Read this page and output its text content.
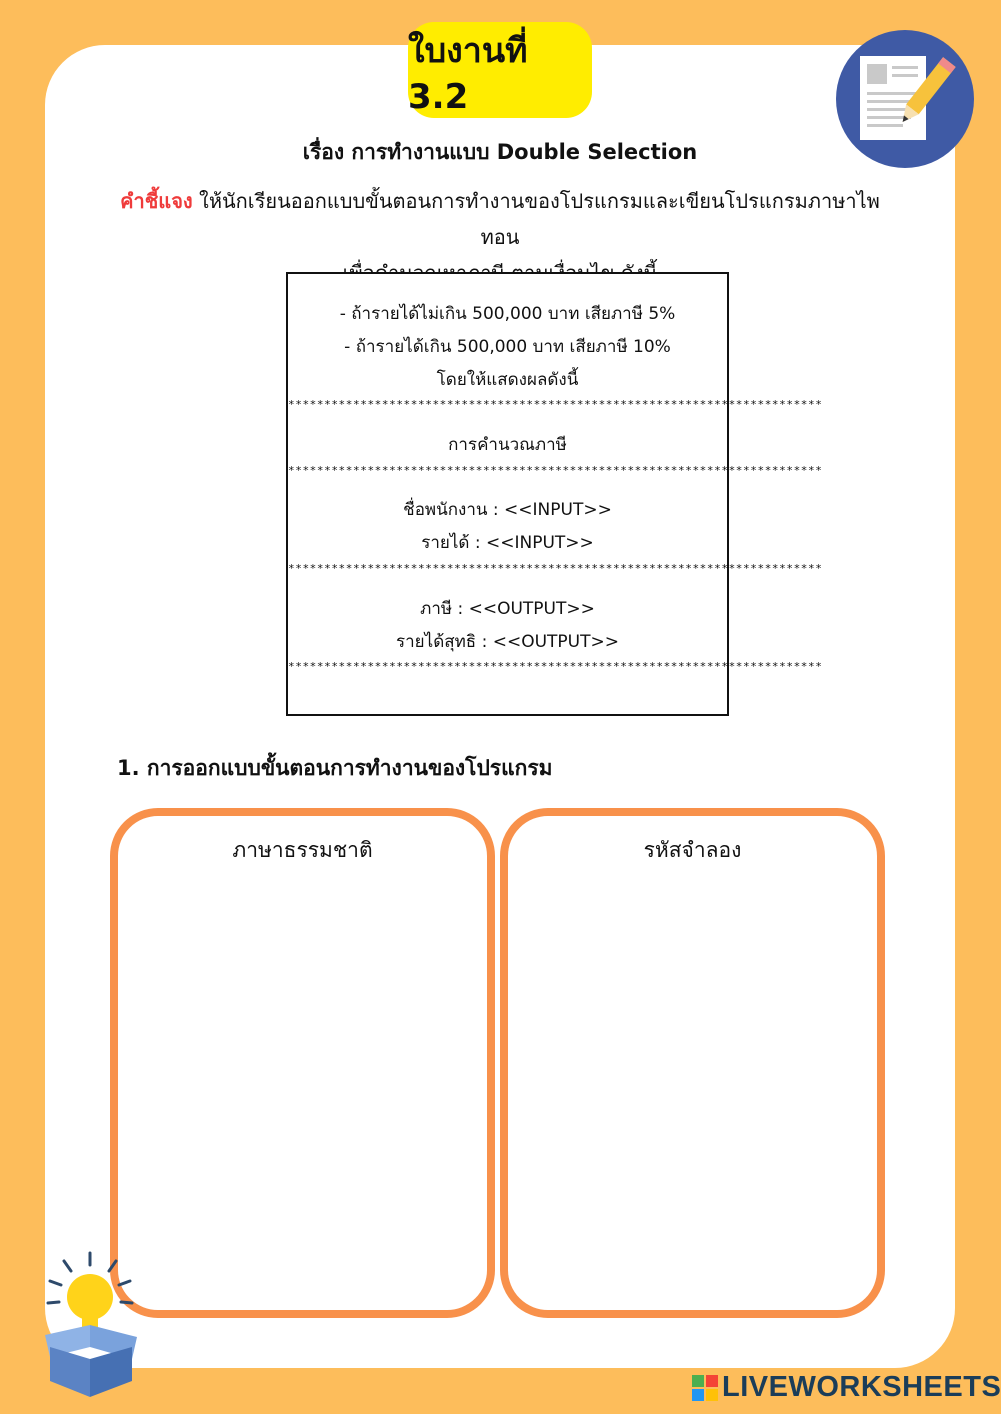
ใบงานที่ 3.2
เรื่อง การทำงานแบบ Double Selection
คำชี้แจง ให้นักเรียนออกแบบขั้นตอนการทำงานของโปรแกรมและเขียนโปรแกรมภาษาไพทอน
- ถ้ารายได้ไม่เกิน 500,000 บาท เสียภาษี 5%
- ถ้ารายได้เกิน 500,000 บาท เสียภาษี 10%
โดยให้แสดงผลดังนี้
**************************************************************************
การคำนวณภาษี
**************************************************************************
ชื่อพนักงาน : <<INPUT>>
รายได้ : <<INPUT>>
**************************************************************************
ภาษี : <<OUTPUT>>
รายได้สุทธิ : <<OUTPUT>>
**************************************************************************
1. การออกแบบขั้นตอนการทำงานของโปรแกรม
ภาษาธรรมชาติ	รหัสจำลอง
LIVEWORKSHEETS
